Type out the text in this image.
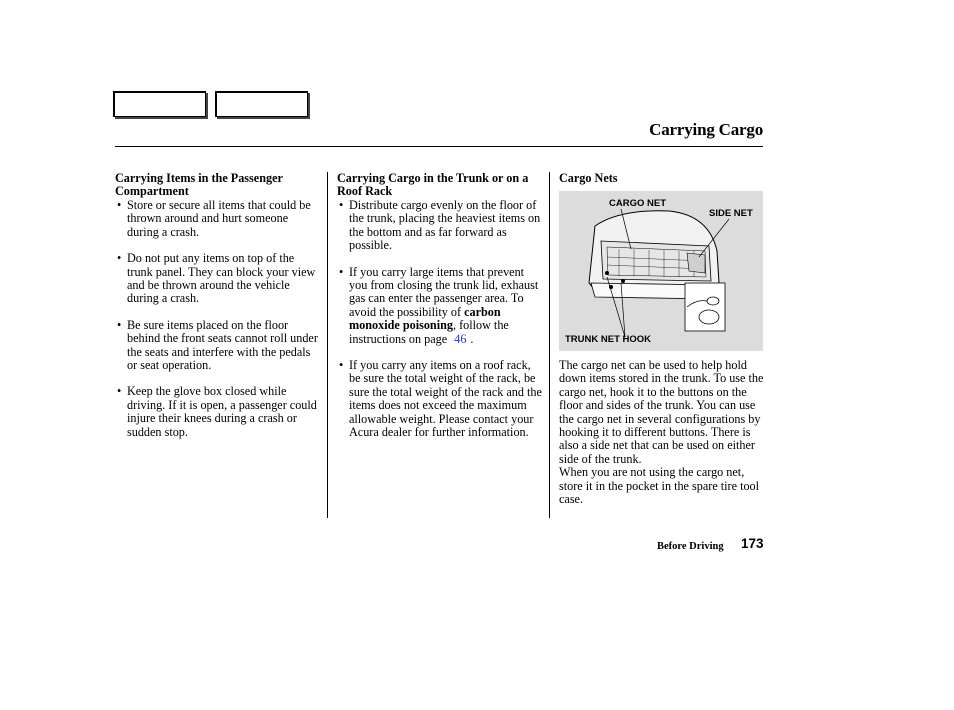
Carrying Cargo
Carrying Items in the Passenger Compartment
• Store or secure all items that could be thrown around and hurt someone during a crash.
• Do not put any items on top of the trunk panel. They can block your view and be thrown around the vehicle during a crash.
• Be sure items placed on the floor behind the front seats cannot roll under the seats and interfere with the pedals or seat operation.
• Keep the glove box closed while driving. If it is open, a passenger could injure their knees during a crash or sudden stop.
Carrying Cargo in the Trunk or on a Roof Rack
• Distribute cargo evenly on the floor of the trunk, placing the heaviest items on the bottom and as far forward as possible.
• If you carry large items that prevent you from closing the trunk lid, exhaust gas can enter the passenger area. To avoid the possibility of carbon monoxide poisoning, follow the instructions on page 46 .
• If you carry any items on a roof rack, be sure the total weight of the rack, be sure the total weight of the rack and the items does not exceed the maximum allowable weight. Please contact your Acura dealer for further information.
Cargo Nets
CARGO NET
SIDE NET
TRUNK NET HOOK
The cargo net can be used to help hold down items stored in the trunk. To use the cargo net, hook it to the buttons on the floor and sides of the trunk. You can use the cargo net in several configurations by hooking it to different buttons. There is also a side net that can be used on either side of the trunk.
When you are not using the cargo net, store it in the pocket in the spare tire tool case.
Before Driving 173
